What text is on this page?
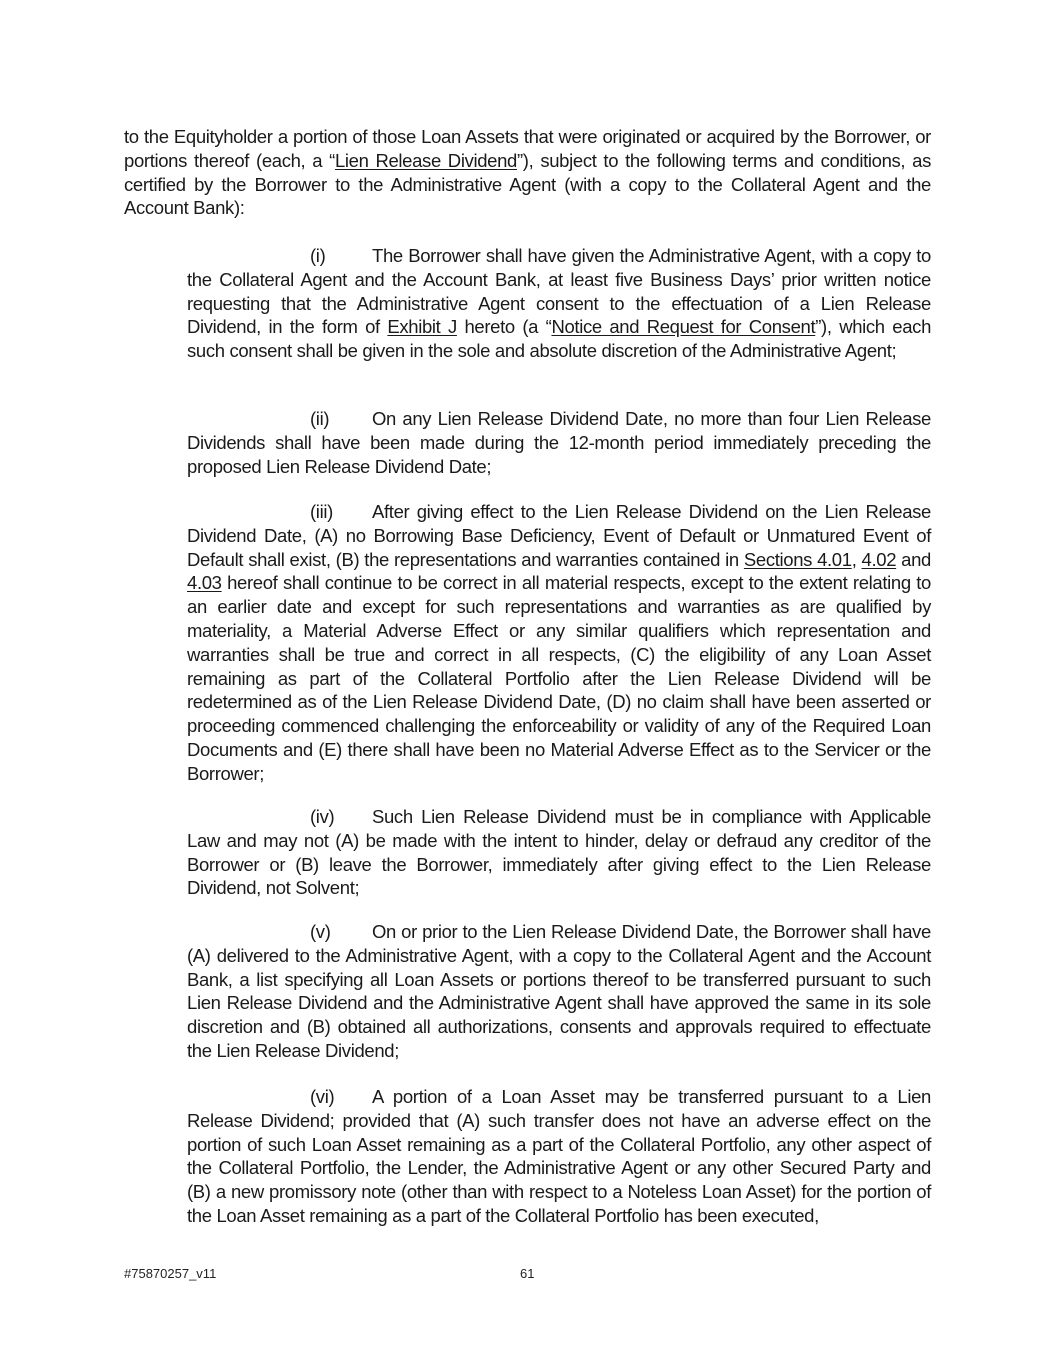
to the Equityholder a portion of those Loan Assets that were originated or acquired by the Borrower, or portions thereof (each, a “Lien Release Dividend”), subject to the following terms and conditions, as certified by the Borrower to the Administrative Agent (with a copy to the Collateral Agent and the Account Bank):

(i)	The Borrower shall have given the Administrative Agent, with a copy to the Collateral Agent and the Account Bank, at least five Business Days’ prior written notice requesting that the Administrative Agent consent to the effectuation of a Lien Release Dividend, in the form of Exhibit J hereto (a “Notice and Request for Consent”), which each such consent shall be given in the sole and absolute discretion of the Administrative Agent;

(ii) On any Lien Release Dividend Date, no more than four Lien Release Dividends shall have been made during the 12-month period immediately preceding the proposed Lien Release Dividend Date;

(iii) After giving effect to the Lien Release Dividend on the Lien Release Dividend Date, (A) no Borrowing Base Deficiency, Event of Default or Unmatured Event of Default shall exist, (B) the representations and warranties contained in Sections 4.01, 4.02 and 4.03 hereof shall continue to be correct in all material respects, except to the extent relating to an earlier date and except for such representations and warranties as are qualified by materiality, a Material Adverse Effect or any similar qualifiers which representation and warranties shall be true and correct in all respects, (C) the eligibility of any Loan Asset remaining as part of the Collateral Portfolio after the Lien Release Dividend will be redetermined as of the Lien Release Dividend Date, (D) no claim shall have been asserted or proceeding commenced challenging the enforceability or validity of any of the Required Loan Documents and (E) there shall have been no Material Adverse Effect as to the Servicer or the Borrower;

(iv) Such Lien Release Dividend must be in compliance with Applicable Law and may not (A) be made with the intent to hinder, delay or defraud any creditor of the Borrower or (B) leave the Borrower, immediately after giving effect to the Lien Release Dividend, not Solvent;

(v) On or prior to the Lien Release Dividend Date, the Borrower shall have (A) delivered to the Administrative Agent, with a copy to the Collateral Agent and the Account Bank, a list specifying all Loan Assets or portions thereof to be transferred pursuant to such Lien Release Dividend and the Administrative Agent shall have approved the same in its sole discretion and (B) obtained all authorizations, consents and approvals required to effectuate the Lien Release Dividend;

(vi) A portion of a Loan Asset may be transferred pursuant to a Lien Release Dividend; provided that (A) such transfer does not have an adverse effect on the portion of such Loan Asset remaining as a part of the Collateral Portfolio, any other aspect of the Collateral Portfolio, the Lender, the Administrative Agent or any other Secured Party and (B) a new promissory note (other than with respect to a Noteless Loan Asset) for the portion of the Loan Asset remaining as a part of the Collateral Portfolio has been executed,

#75870257_v11	61
